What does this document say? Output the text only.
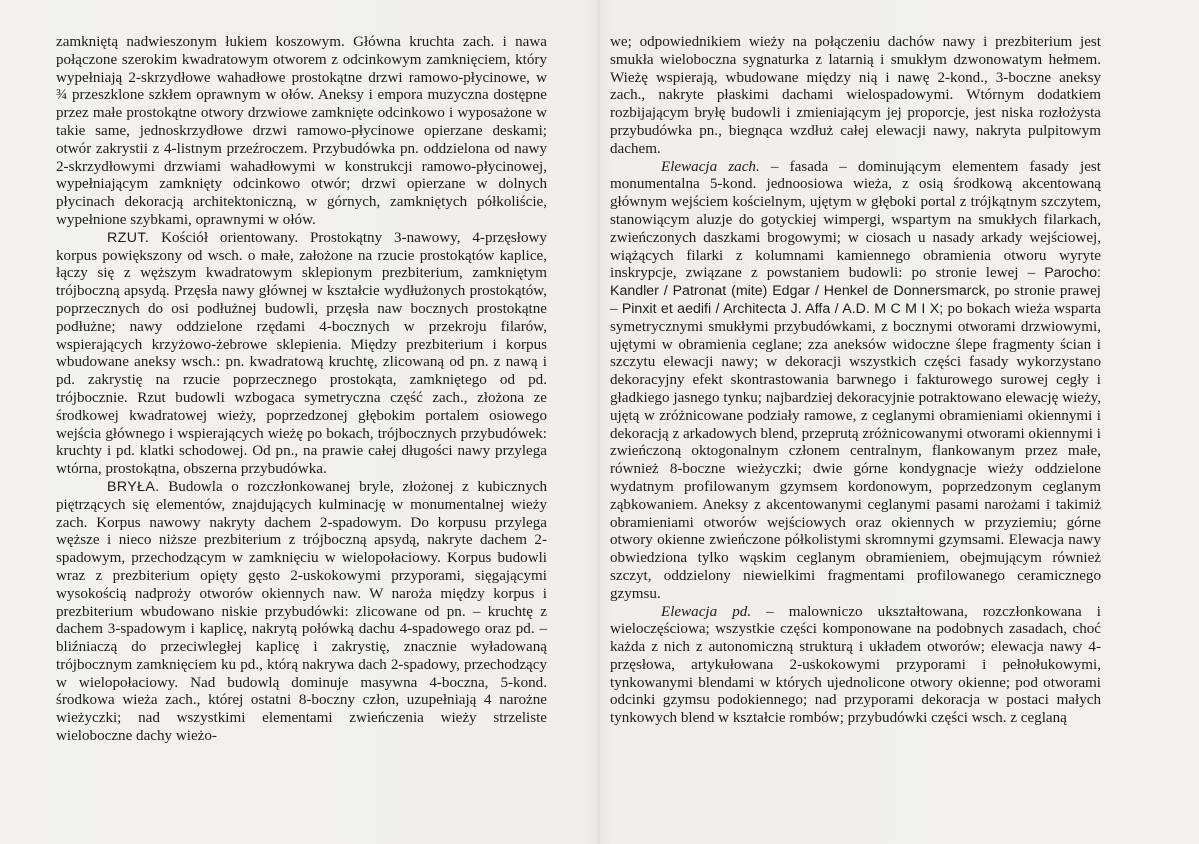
zamkniętą nadwieszonym łukiem koszowym. Główna kruchta zach. i nawa połączone szerokim kwadratowym otworem z odcinkowym zamknięciem, który wypełniają 2-skrzydłowe wahadłowe prostokątne drzwi ramowo-płycinowe, w ¾ przeszklone szkłem oprawnym w ołów. Aneksy i empora muzyczna dostępne przez małe prostokątne otwory drzwiowe zamknięte odcinkowo i wyposażone w takie same, jednoskrzydłowe drzwi ramowo-płycinowe opierzane deskami; otwór zakrystii z 4-listnym przeźroczem. Przybudówka pn. oddzielona od nawy 2-skrzydłowymi drzwiami wahadłowymi w konstrukcji ramowo-płycinowej, wypełniającym zamknięty odcinkowo otwór; drzwi opierzane w dolnych płycinach dekoracją architektoniczną, w górnych, zamkniętych półkoliście, wypełnione szybkami, oprawnymi w ołów.

RZUT. Kościół orientowany. Prostokątny 3-nawowy, 4-przęsłowy korpus powiększony od wsch. o małe, założone na rzucie prostokątów kaplice, łączy się z węższym kwadratowym sklepionym prezbiterium, zamkniętym trójboczną apsydą. Przęsła nawy głównej w kształcie wydłużonych prostokątów, poprzecznych do osi podłużnej budowli, przęsła naw bocznych prostokątne podłużne; nawy oddzielone rzędami 4-bocznych w przekroju filarów, wspierających krzyżowo-żebrowe sklepienia. Między prezbiterium i korpus wbudowane aneksy wsch.: pn. kwadratową kruchtę, zlicowaną od pn. z nawą i pd. zakrystię na rzucie poprzecznego prostokąta, zamkniętego od pd. trójbocznie. Rzut budowli wzbogaca symetryczna część zach., złożona ze środkowej kwadratowej wieży, poprzedzonej głębokim portalem osiowego wejścia głównego i wspierających wieżę po bokach, trójbocznych przybudówek: kruchty i pd. klatki schodowej. Od pn., na prawie całej długości nawy przylega wtórna, prostokątna, obszerna przybudówka.

BRYŁA. Budowla o rozczłonkowanej bryle, złożonej z kubicznych piętrzących się elementów, znajdujących kulminację w monumentalnej wieży zach. Korpus nawowy nakryty dachem 2-spadowym. Do korpusu przylega węższe i nieco niższe prezbiterium z trójboczną apsydą, nakryte dachem 2-spadowym, przechodzącym w zamknięciu w wielopołaciowy. Korpus budowli wraz z prezbiterium opięty gęsto 2-uskokowymi przyporami, sięgającymi wysokością nadproży otworów okiennych naw. W naroża między korpus i prezbiterium wbudowano niskie przybudówki: zlicowane od pn. – kruchtę z dachem 3-spadowym i kaplicę, nakrytą połówką dachu 4-spadowego oraz pd. – bliźniaczą do przeciwległej kaplicę i zakrystię, znacznie wyładowaną trójbocznym zamknięciem ku pd., którą nakrywa dach 2-spadowy, przechodzący w wielopołaciowy. Nad budowlą dominuje masywna 4-boczna, 5-kond. środkowa wieża zach., której ostatni 8-boczny człon, uzupełniają 4 narożne wieżyczki; nad wszystkimi elementami zwieńczenia wieży strzeliste wieloboczne dachy wieżo-

we; odpowiednikiem wieży na połączeniu dachów nawy i prezbiterium jest smukła wieloboczna sygnaturka z latarnią i smukłym dzwonowatym hełmem. Wieżę wspierają, wbudowane między nią i nawę 2-kond., 3-boczne aneksy zach., nakryte płaskimi dachami wielospadowymi. Wtórnym dodatkiem rozbijającym bryłę budowli i zmieniającym jej proporcje, jest niska rozłożysta przybudówka pn., biegnąca wzdłuż całej elewacji nawy, nakryta pulpitowym dachem.

Elewacja zach. – fasada – dominującym elementem fasady jest monumentalna 5-kond. jednoosiowa wieża, z osią środkową akcentowaną głównym wejściem kościelnym, ujętym w głęboki portal z trójkątnym szczytem, stanowiącym aluzje do gotyckiej wimpergi, wspartym na smukłych filarkach, zwieńczonych daszkami brogowymi; w ciosach u nasady arkady wejściowej, wiążących filarki z kolumnami kamiennego obramienia otworu wyryte inskrypcje, związane z powstaniem budowli: po stronie lewej – Parocho: Kandler / Patronat (mite) Edgar / Henkel de Donnersmarck, po stronie prawej – Pinxit et aedifi / Architecta J. Affa / A.D. M C M I X; po bokach wieża wsparta symetrycznymi smukłymi przybudówkami, z bocznymi otworami drzwiowymi, ujętymi w obramienia ceglane; zza aneksów widoczne ślepe fragmenty ścian i szczytu elewacji nawy; w dekoracji wszystkich części fasady wykorzystano dekoracyjny efekt skontrastowania barwnego i fakturowego surowej cegły i gładkiego jasnego tynku; najbardziej dekoracyjnie potraktowano elewację wieży, ujętą w zróżnicowane podziały ramowe, z ceglanymi obramieniami okiennymi i dekoracją z arkadowych blend, przeprutą zróżnicowanymi otworami okiennymi i zwieńczoną oktogonalnym członem centralnym, flankowanym przez małe, również 8-boczne wieżyczki; dwie górne kondygnacje wieży oddzielone wydatnym profilowanym gzymsem kordonowym, poprzedzonym ceglanym ząbkowaniem. Aneksy z akcentowanymi ceglanymi pasami narożami i takimiż obramieniami otworów wejściowych oraz okiennych w przyziemiu; górne otwory okienne zwieńczone półkolistymi skromnymi gzymsami. Elewacja nawy obwiedziona tylko wąskim ceglanym obramieniem, obejmującym również szczyt, oddzielony niewielkimi fragmentami profilowanego ceramicznego gzymsu.

Elewacja pd. – malowniczo ukształtowana, rozczłonkowana i wieloczęściowa; wszystkie części komponowane na podobnych zasadach, choć każda z nich z autonomiczną strukturą i układem otworów; elewacja nawy 4-przęsłowa, artykułowana 2-uskokowymi przyporami i pełnołukowymi, tynkowanymi blendami w których ujednolicone otwory okienne; pod otworami odcinki gzymsu podokiennego; nad przyporami dekoracja w postaci małych tynkowych blend w kształcie rombów; przybudówki części wsch. z ceglaną
